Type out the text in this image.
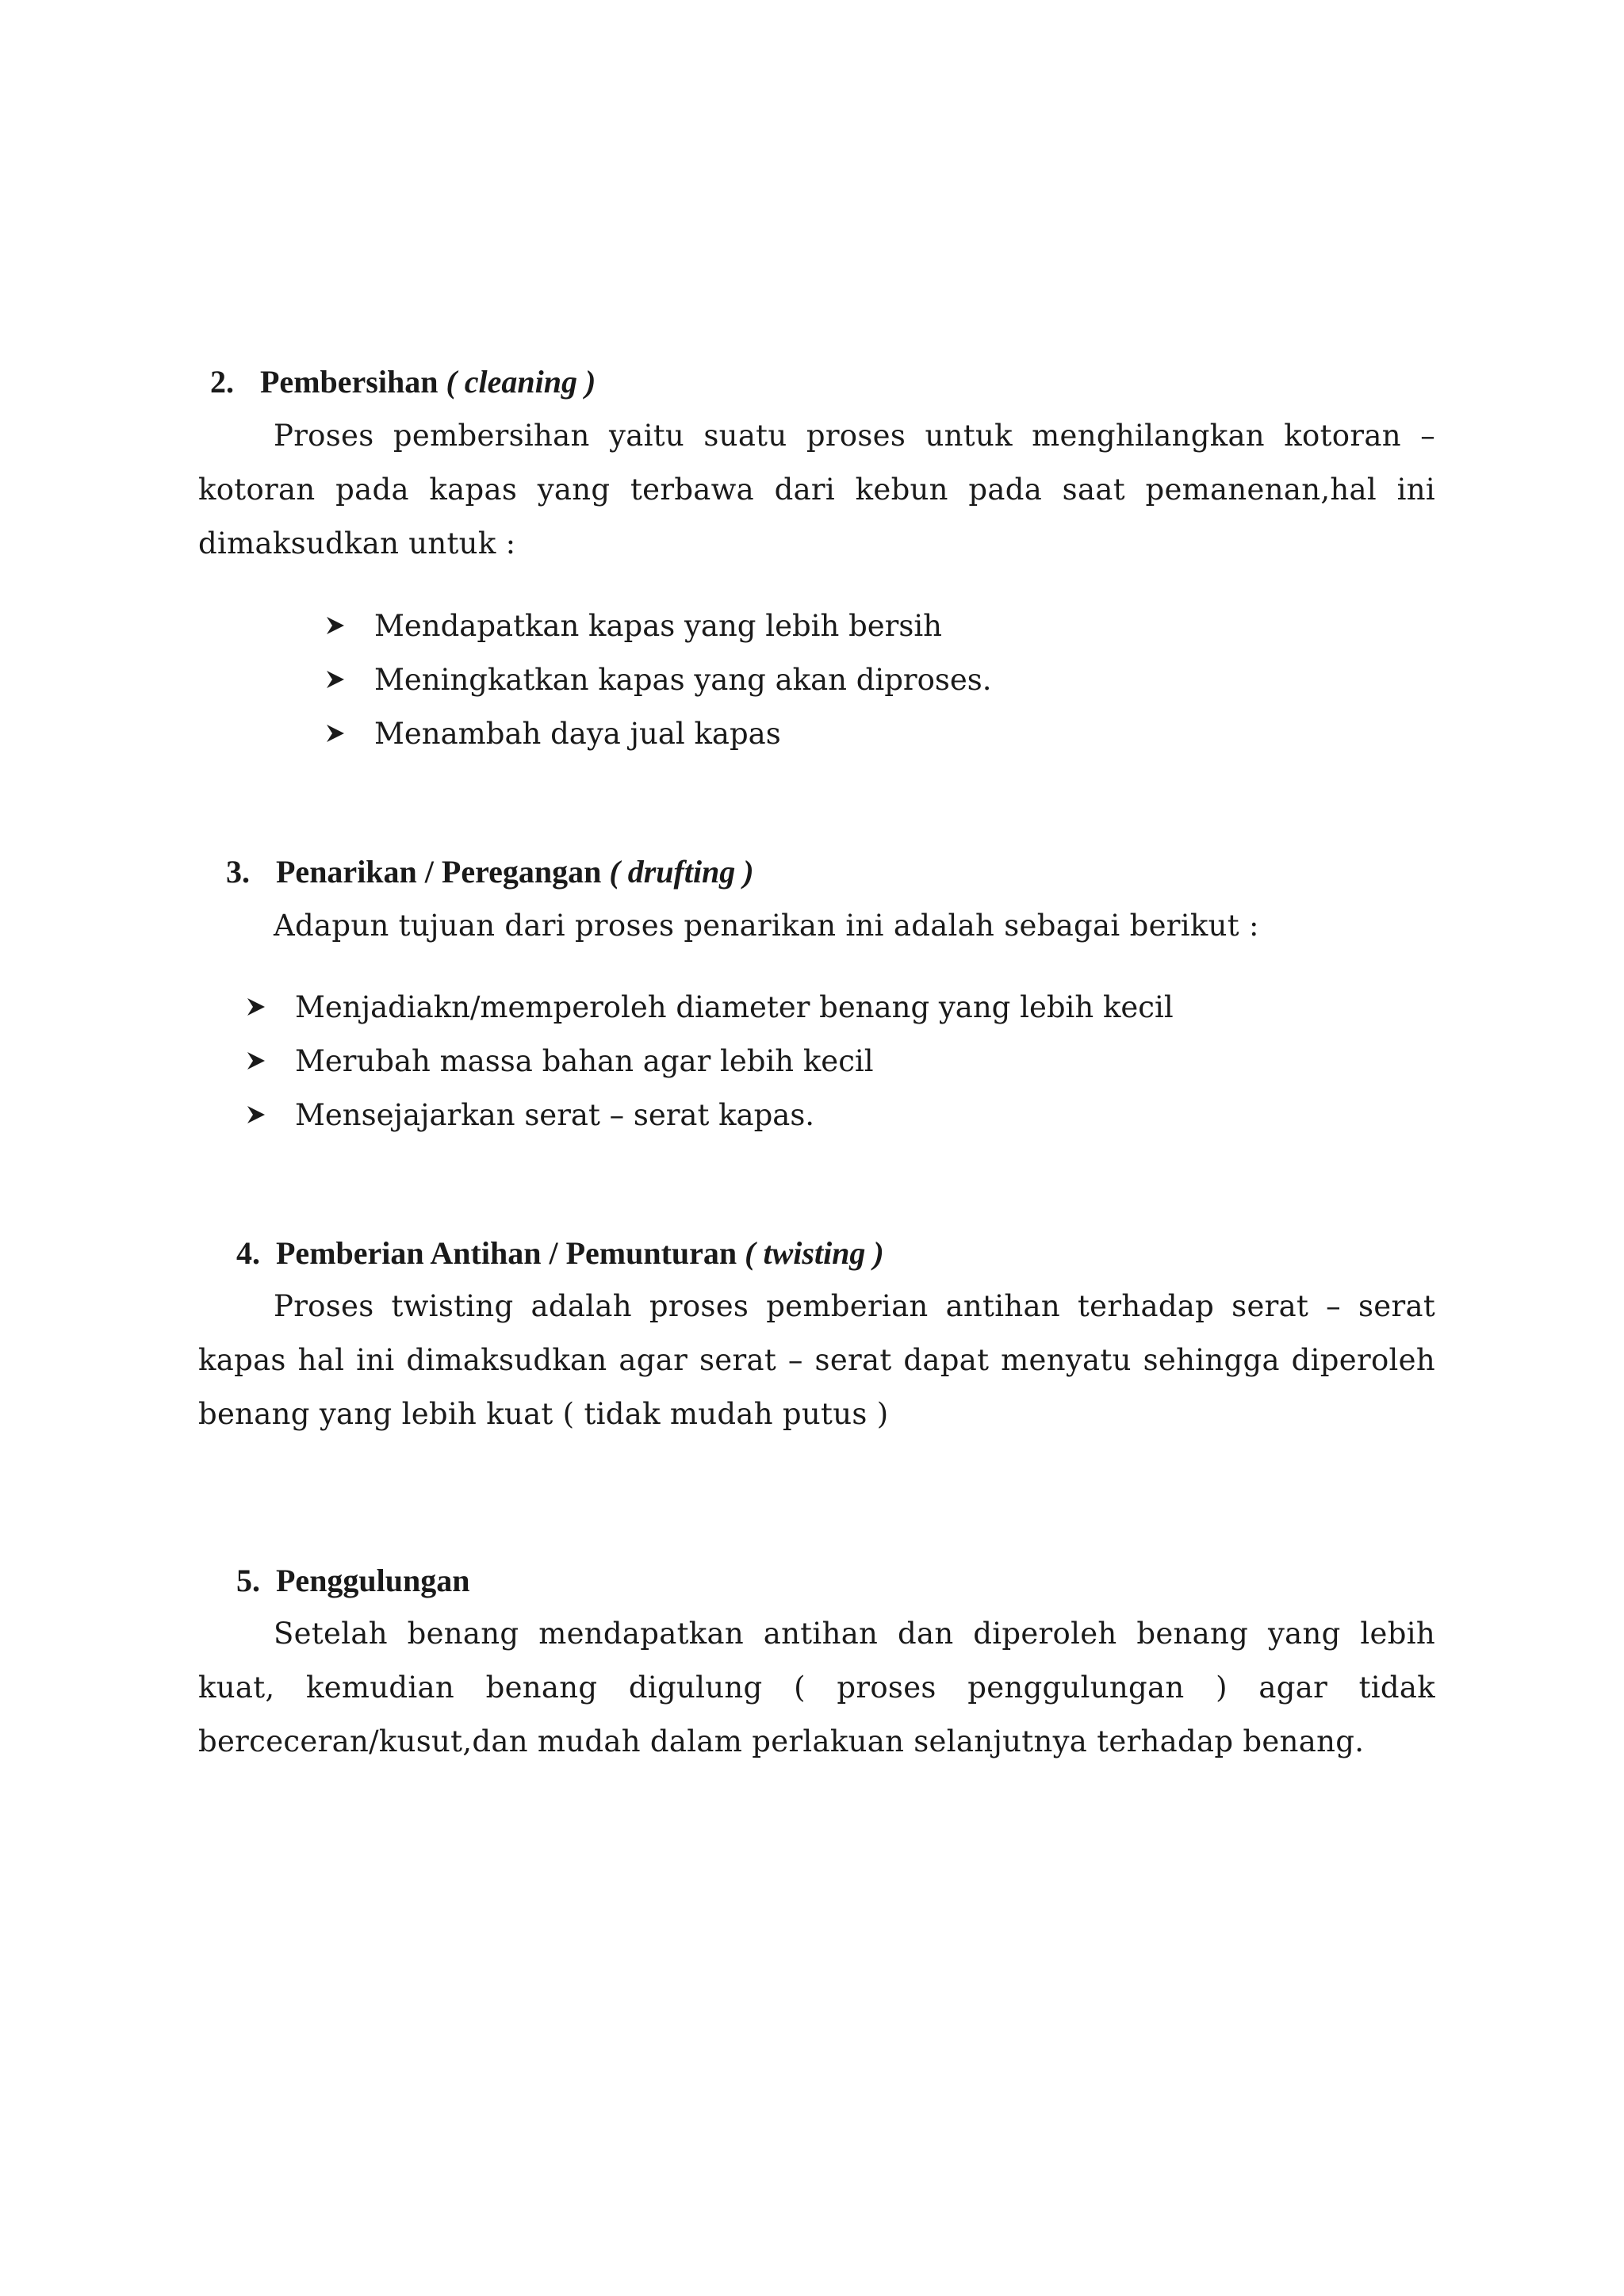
2. Pembersihan ( cleaning )
Proses pembersihan yaitu suatu proses untuk menghilangkan kotoran – kotoran pada kapas yang terbawa dari kebun pada saat pemanenan,hal ini dimaksudkan untuk :
Mendapatkan kapas yang lebih bersih

Meningkatkan kapas yang akan diproses.

Menambah daya jual kapas

3. Penarikan / Peregangan ( drufting )
Adapun tujuan dari proses penarikan ini adalah sebagai berikut :
Menjadiakn/memperoleh diameter benang yang lebih kecil

Merubah massa bahan agar lebih kecil

Mensejajarkan serat – serat kapas.

4. Pemberian Antihan / Pemunturan ( twisting )
Proses twisting adalah proses pemberian antihan terhadap serat – serat kapas hal ini dimaksudkan agar serat – serat dapat menyatu sehingga diperoleh benang yang lebih kuat ( tidak mudah putus )
5. Penggulungan
Setelah benang mendapatkan antihan dan diperoleh benang yang lebih kuat, kemudian benang digulung ( proses penggulungan ) agar tidak berceceran/kusut,dan mudah dalam perlakuan selanjutnya terhadap benang.
